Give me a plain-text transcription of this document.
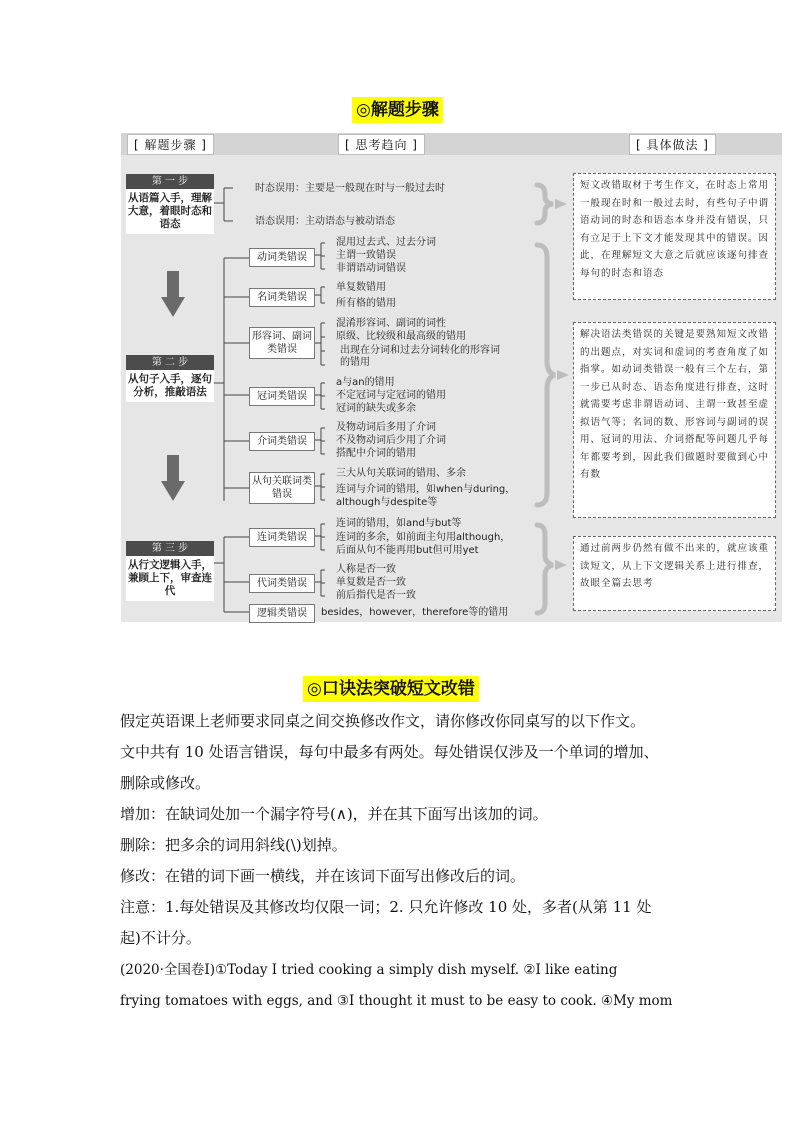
◎解题步骤
[ 解题步骤 ]	[ 思考趋向 ]	[ 具体做法 ]
第 一 步
从语篇入手，理解大意，着眼时态和语态
第 二 步
从句子入手，逐句分析，推敲语法
第 三 步
从行文逻辑入手，兼顾上下，审查连代
时态误用：主要是一般现在时与一般过去时
语态误用：主动语态与被动语态
动词类错误
混用过去式、过去分词
主谓一致错误
非谓语动词错误
名词类错误
单复数错用
所有格的错用
形容词、副词类错误
混淆形容词、副词的词性
原级、比较级和最高级的错用
出现在分词和过去分词转化的形容词
的错用
冠词类错误
a与an的错用
不定冠词与定冠词的错用
冠词的缺失或多余
介词类错误
及物动词后多用了介词
不及物动词后少用了介词
搭配中介词的错用
从句关联词类错误
三大从句关联词的错用、多余
连词与介词的错用，如when与during，
although与despite等
连词类错误
连词的错用，如and与but等
连词的多余，如前面主句用although，
后面从句不能再用but但可用yet
代词类错误
人称是否一致
单复数是否一致
前后指代是否一致
逻辑类错误	besides，however，therefore等的错用
短文改错取材于考生作文，在时态上常用一般现在时和一般过去时，有些句子中谓语动词的时态和语态本身并没有错误，只有立足于上下文才能发现其中的错误。因此，在理解短文大意之后就应该逐句排查每句的时态和语态
解决语法类错误的关键是要熟知短文改错的出题点，对实词和虚词的考查角度了如指掌。如动词类错误一般有三个左右，第一步已从时态、语态角度进行排查，这时就需要考虑非谓语动词、主谓一致甚至虚拟语气等；名词的数、形容词与副词的误用、冠词的用法、介词搭配等问题几乎每年都要考到，因此我们做题时要做到心中有数
通过前两步仍然有做不出来的，就应该重读短文，从上下文逻辑关系上进行排查，故眼全篇去思考
◎口诀法突破短文改错
假定英语课上老师要求同桌之间交换修改作文，请你修改你同桌写的以下作文。
文中共有 10 处语言错误，每句中最多有两处。每处错误仅涉及一个单词的增加、
删除或修改。
增加：在缺词处加一个漏字符号(∧)，并在其下面写出该加的词。
删除：把多余的词用斜线(\)划掉。
修改：在错的词下画一横线，并在该词下面写出修改后的词。
注意：1.每处错误及其修改均仅限一词；2. 只允许修改 10 处，多者(从第 11 处
起)不计分。
(2020·全国卷Ⅰ)①Today I tried cooking a simply dish myself. ②I like eating
frying tomatoes with eggs, and ③I thought it must to be easy to cook. ④My mom
